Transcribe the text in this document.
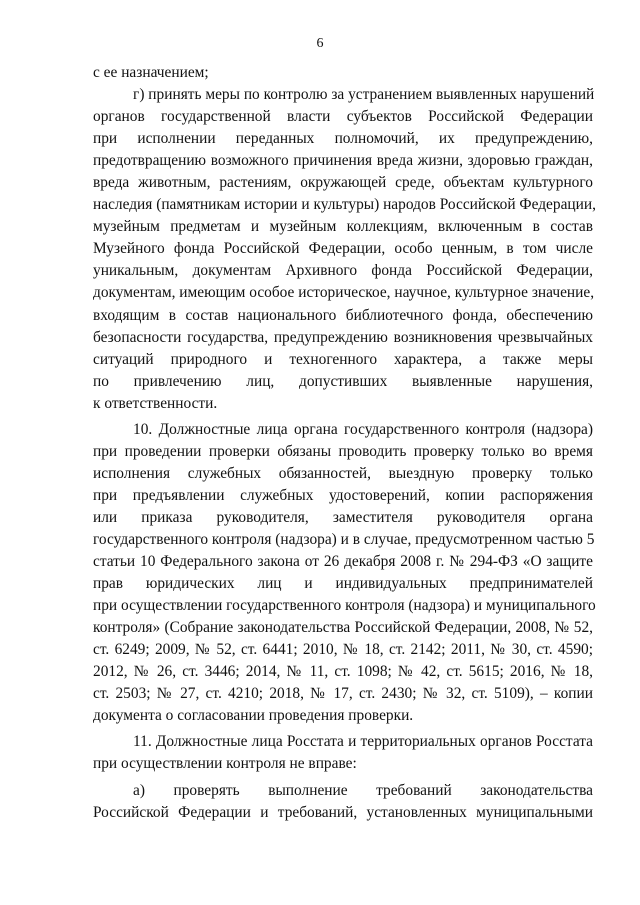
6
с ее назначением;
г) принять меры по контролю за устранением выявленных нарушений
органов государственной власти субъектов Российской Федерации
при исполнении переданных полномочий, их предупреждению,
предотвращению возможного причинения вреда жизни, здоровью граждан,
вреда животным, растениям, окружающей среде, объектам культурного
наследия (памятникам истории и культуры) народов Российской Федерации,
музейным предметам и музейным коллекциям, включенным в состав
Музейного фонда Российской Федерации, особо ценным, в том числе
уникальным, документам Архивного фонда Российской Федерации,
документам, имеющим особое историческое, научное, культурное значение,
входящим в состав национального библиотечного фонда, обеспечению
безопасности государства, предупреждению возникновения чрезвычайных
ситуаций природного и техногенного характера, а также меры
по привлечению лиц, допустивших выявленные нарушения,
к ответственности.
10. Должностные лица органа государственного контроля (надзора)
при проведении проверки обязаны проводить проверку только во время
исполнения служебных обязанностей, выездную проверку только
при предъявлении служебных удостоверений, копии распоряжения
или приказа руководителя, заместителя руководителя органа
государственного контроля (надзора) и в случае, предусмотренном частью 5
статьи 10 Федерального закона от 26 декабря 2008 г. № 294-ФЗ «О защите
прав юридических лиц и индивидуальных предпринимателей
при осуществлении государственного контроля (надзора) и муниципального
контроля» (Собрание законодательства Российской Федерации, 2008, № 52,
ст. 6249; 2009, № 52, ст. 6441; 2010, № 18, ст. 2142; 2011, № 30, ст. 4590;
2012, № 26, ст. 3446; 2014, № 11, ст. 1098; № 42, ст. 5615; 2016, № 18,
ст. 2503; № 27, ст. 4210; 2018, № 17, ст. 2430; № 32, ст. 5109), – копии
документа о согласовании проведения проверки.
11. Должностные лица Росстата и территориальных органов Росстата
при осуществлении контроля не вправе:
а) проверять выполнение требований законодательства
Российской Федерации и требований, установленных муниципальными
